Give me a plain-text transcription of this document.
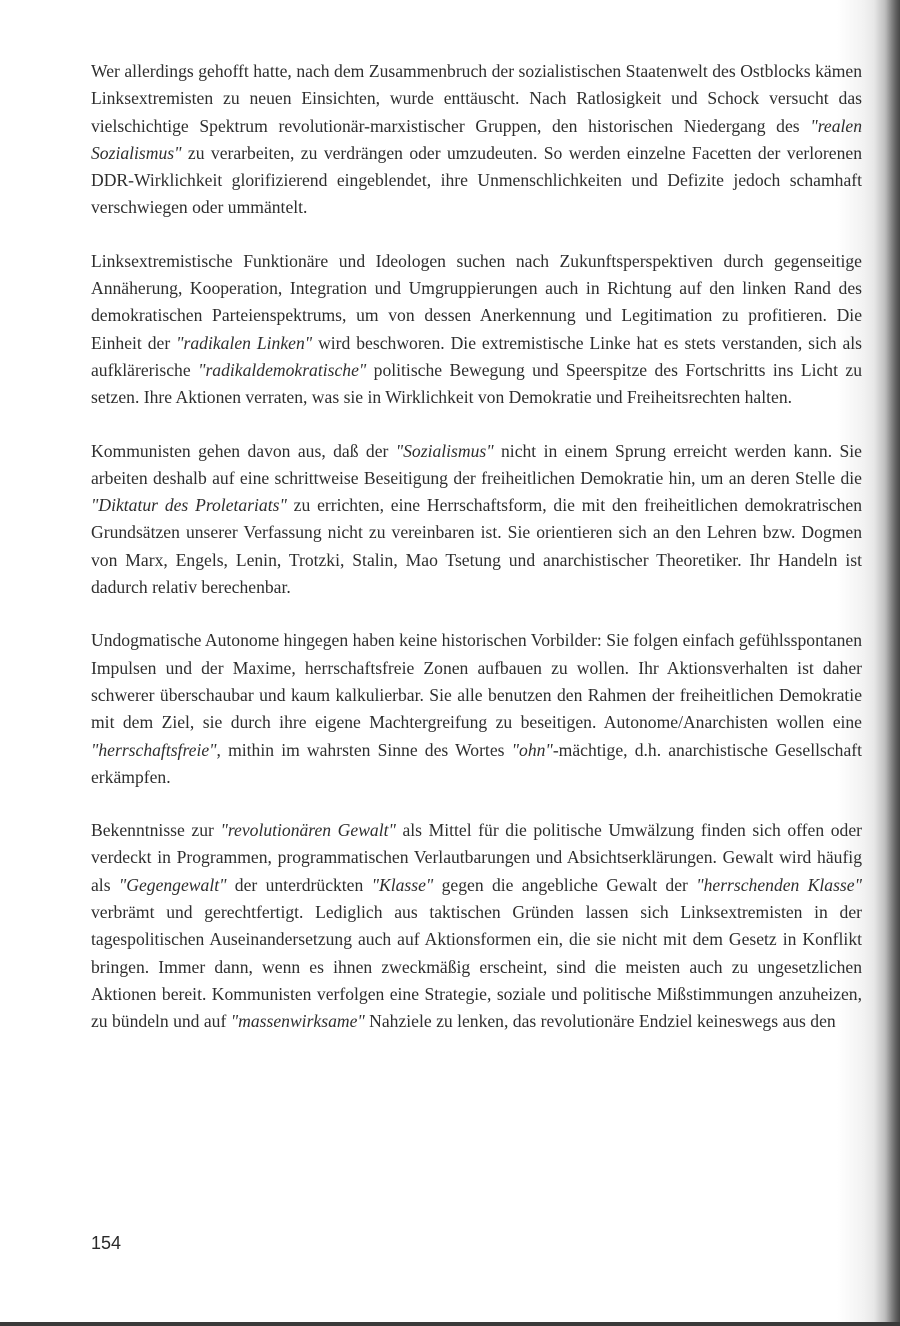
Wer allerdings gehofft hatte, nach dem Zusammenbruch der sozialistischen Staatenwelt des Ostblocks kämen Linksextremisten zu neuen Einsichten, wurde enttäuscht. Nach Ratlosigkeit und Schock versucht das vielschichtige Spektrum revolutionär-marxistischer Gruppen, den historischen Niedergang des "realen Sozialismus" zu verarbeiten, zu verdrängen oder umzudeuten. So werden einzelne Facetten der verlorenen DDR-Wirklichkeit glorifizierend eingeblendet, ihre Unmenschlichkeiten und Defizite jedoch schamhaft verschwiegen oder ummäntelt.

Linksextremistische Funktionäre und Ideologen suchen nach Zukunftsperspektiven durch gegenseitige Annäherung, Kooperation, Integration und Umgruppierungen auch in Richtung auf den linken Rand des demokratischen Parteienspektrums, um von dessen Anerkennung und Legitimation zu profitieren. Die Einheit der "radikalen Linken" wird beschworen. Die extremistische Linke hat es stets verstanden, sich als aufklärerische "radikaldemokratische" politische Bewegung und Speerspitze des Fortschritts ins Licht zu setzen. Ihre Aktionen verraten, was sie in Wirklichkeit von Demokratie und Freiheitsrechten halten.

Kommunisten gehen davon aus, daß der "Sozialismus" nicht in einem Sprung erreicht werden kann. Sie arbeiten deshalb auf eine schrittweise Beseitigung der freiheitlichen Demokratie hin, um an deren Stelle die "Diktatur des Proletariats" zu errichten, eine Herrschaftsform, die mit den freiheitlichen demokratrischen Grundsätzen unserer Verfassung nicht zu vereinbaren ist. Sie orientieren sich an den Lehren bzw. Dogmen von Marx, Engels, Lenin, Trotzki, Stalin, Mao Tsetung und anarchistischer Theoretiker. Ihr Handeln ist dadurch relativ berechenbar.

Undogmatische Autonome hingegen haben keine historischen Vorbilder: Sie folgen einfach gefühlsspontanen Impulsen und der Maxime, herrschaftsfreie Zonen aufbauen zu wollen. Ihr Aktionsverhalten ist daher schwerer überschaubar und kaum kalkulierbar. Sie alle benutzen den Rahmen der freiheitlichen Demokratie mit dem Ziel, sie durch ihre eigene Machtergreifung zu beseitigen. Autonome/Anarchisten wollen eine "herrschaftsfreie", mithin im wahrsten Sinne des Wortes "ohn"-mächtige, d.h. anarchistische Gesellschaft erkämpfen.

Bekenntnisse zur "revolutionären Gewalt" als Mittel für die politische Umwälzung finden sich offen oder verdeckt in Programmen, programmatischen Verlautbarungen und Absichtserklärungen. Gewalt wird häufig als "Gegengewalt" der unterdrückten "Klasse" gegen die angebliche Gewalt der "herrschenden Klasse" verbrämt und gerechtfertigt. Lediglich aus taktischen Gründen lassen sich Linksextremisten in der tagespolitischen Auseinandersetzung auch auf Aktionsformen ein, die sie nicht mit dem Gesetz in Konflikt bringen. Immer dann, wenn es ihnen zweckmäßig erscheint, sind die meisten auch zu ungesetzlichen Aktionen bereit. Kommunisten verfolgen eine Strategie, soziale und politische Mißstimmungen anzuheizen, zu bündeln und auf "massenwirksame" Nahziele zu lenken, das revolutionäre Endziel keineswegs aus den

154
